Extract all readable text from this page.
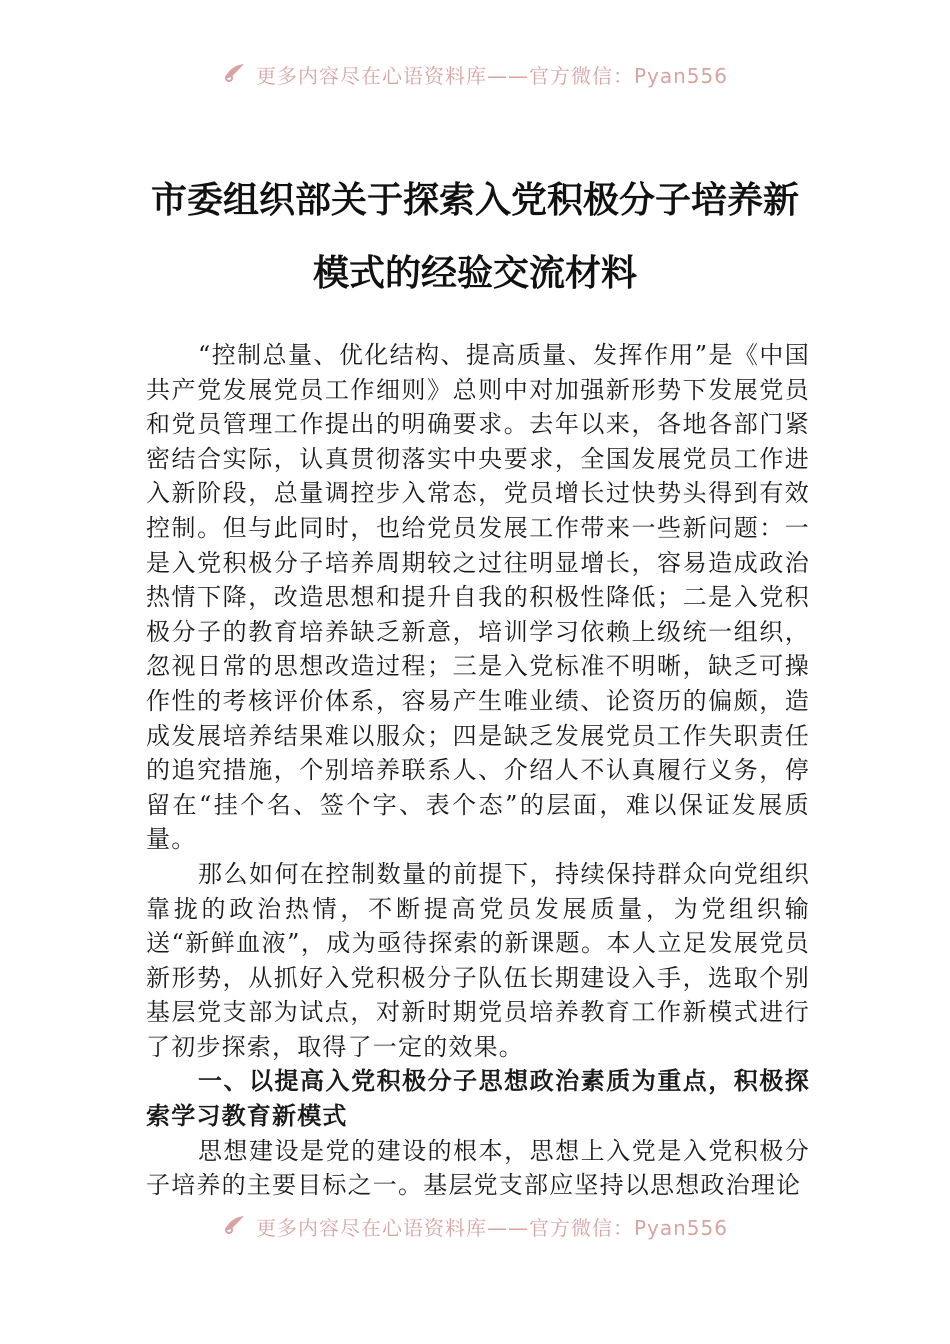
更多内容尽在心语资料库——官方微信：Pyan556
市委组织部关于探索入党积极分子培养新
模式的经验交流材料

“控制总量、优化结构、提高质量、发挥作用”是《中国共产党发展党员工作细则》总则中对加强新形势下发展党员和党员管理工作提出的明确要求。去年以来，各地各部门紧密结合实际，认真贯彻落实中央要求，全国发展党员工作进入新阶段，总量调控步入常态，党员增长过快势头得到有效控制。但与此同时，也给党员发展工作带来一些新问题：一是入党积极分子培养周期较之过往明显增长，容易造成政治热情下降，改造思想和提升自我的积极性降低；二是入党积极分子的教育培养缺乏新意，培训学习依赖上级统一组织，忽视日常的思想改造过程；三是入党标准不明晰，缺乏可操作性的考核评价体系，容易产生唯业绩、论资历的偏颇，造成发展培养结果难以服众；四是缺乏发展党员工作失职责任的追究措施，个别培养联系人、介绍人不认真履行义务，停留在“挂个名、签个字、表个态”的层面，难以保证发展质量。

那么如何在控制数量的前提下，持续保持群众向党组织靠拢的政治热情，不断提高党员发展质量，为党组织输送“新鲜血液”，成为亟待探索的新课题。本人立足发展党员新形势，从抓好入党积极分子队伍长期建设入手，选取个别基层党支部为试点，对新时期党员培养教育工作新模式进行了初步探索，取得了一定的效果。

一、以提高入党积极分子思想政治素质为重点，积极探索学习教育新模式

思想建设是党的建设的根本，思想上入党是入党积极分子培养的主要目标之一。基层党支部应坚持以思想政治理论

更多内容尽在心语资料库——官方微信：Pyan556
